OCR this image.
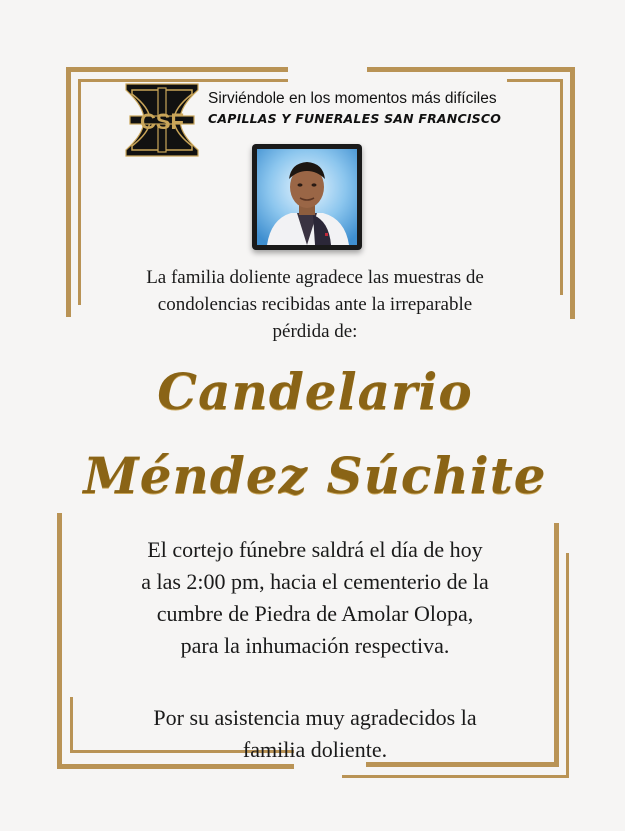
CSF

Sirviéndole en los momentos más difíciles

CAPILLAS Y FUNERALES SAN FRANCISCO

La familia doliente agradece las muestras de
condolencias recibidas ante la irreparable
pérdida de:

Candelario
Méndez Súchite

El cortejo fúnebre saldrá el día de hoy
a las 2:00 pm, hacia el cementerio de la
cumbre de Piedra de Amolar Olopa,
para la inhumación respectiva.

Por su asistencia muy agradecidos la
familia doliente.
